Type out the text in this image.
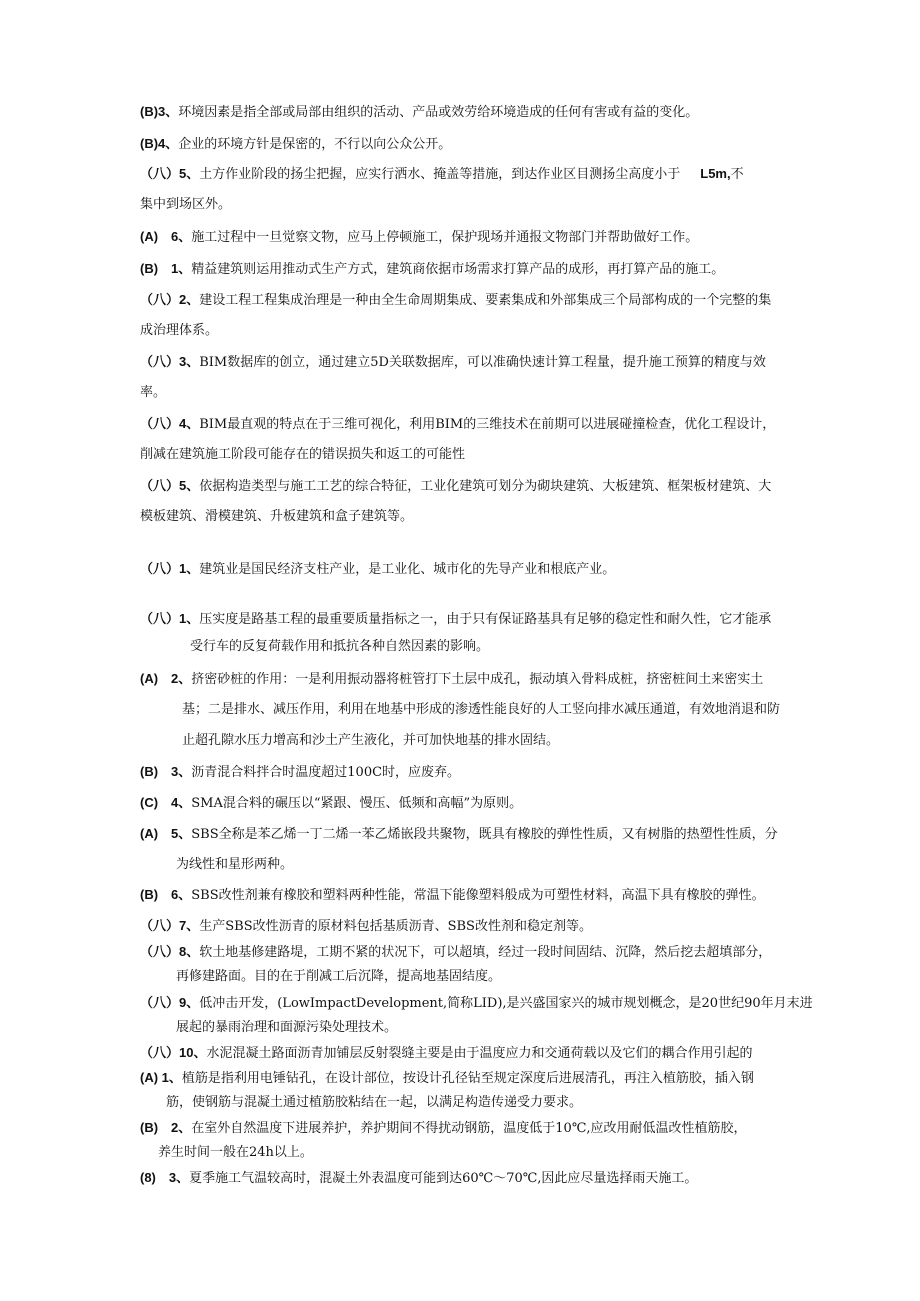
(B)3、环境因素是指全部或局部由组织的活动、产品或效劳给环境造成的任何有害或有益的变化。
(B)4、企业的环境方针是保密的，不行以向公众公开。
（八）5、土方作业阶段的扬尘把握，应实行洒水、掩盖等措施，到达作业区目测扬尘高度小于 L5m,不
集中到场区外。
(A)　6、施工过程中一旦觉察文物，应马上停顿施工，保护现场并通报文物部门并帮助做好工作。
(B)　1、精益建筑则运用推动式生产方式，建筑商依据市场需求打算产品的成形，再打算产品的施工。
（八）2、建设工程工程集成治理是一种由全生命周期集成、要素集成和外部集成三个局部构成的一个完整的集
成治理体系。
（八）3、BIM数据库的创立，通过建立5D关联数据库，可以准确快速计算工程量，提升施工预算的精度与效
率。
（八）4、BIM最直观的特点在于三维可视化，利用BIM的三维技术在前期可以进展碰撞检查，优化工程设计，
削减在建筑施工阶段可能存在的错误损失和返工的可能性
（八）5、依据构造类型与施工工艺的综合特征，工业化建筑可划分为砌块建筑、大板建筑、框架板材建筑、大
模板建筑、滑模建筑、升板建筑和盒子建筑等。
（八）1、建筑业是国民经济支柱产业，是工业化、城市化的先导产业和根底产业。
（八）1、压实度是路基工程的最重要质量指标之一，由于只有保证路基具有足够的稳定性和耐久性，它才能承
受行车的反复荷载作用和抵抗各种自然因素的影响。
(A)　2、挤密砂桩的作用：一是利用振动器将桩管打下土层中成孔，振动填入骨料成桩，挤密桩间土来密实土
基；二是排水、减压作用，利用在地基中形成的渗透性能良好的人工竖向排水减压通道，有效地消退和防
止超孔隙水压力增高和沙土产生液化，并可加快地基的排水固结。
(B)　3、沥青混合料拌合时温度超过100C时，应废弃。
(C)　4、SMA混合料的碾压以“紧跟、慢压、低频和高幅”为原则。
(A)　5、SBS全称是苯乙烯一丁二烯一苯乙烯嵌段共聚物，既具有橡胶的弹性性质，又有树脂的热塑性性质，分
为线性和星形两种。
(B)　6、SBS改性剂兼有橡胶和塑料两种性能，常温下能像塑料般成为可塑性材料，高温下具有橡胶的弹性。
（八）7、生产SBS改性沥青的原材料包括基质沥青、SBS改性剂和稳定剂等。
（八）8、软土地基修建路堤，工期不紧的状况下，可以超填，经过一段时间固结、沉降，然后挖去超填部分，
再修建路面。目的在于削减工后沉降，提高地基固结度。
（八）9、低冲击开发，(LowImpactDevelopment,简称LID),是兴盛国家兴的城市规划概念，是20世纪90年月末进
展起的暴雨治理和面源污染处理技术。
（八）10、水泥混凝土路面沥青加铺层反射裂缝主要是由于温度应力和交通荷载以及它们的耦合作用引起的
(A) 1、植筋是指利用电锤钻孔，在设计部位，按设计孔径钻至规定深度后进展清孔，再注入植筋胶，插入钢
筋，使钢筋与混凝土通过植筋胶粘结在一起，以满足构造传递受力要求。
(B)　2、在室外自然温度下进展养护，养护期间不得扰动钢筋，温度低于10℃,应改用耐低温改性植筋胶，
养生时间一般在24h以上。
(8)　3、夏季施工气温较高时，混凝土外表温度可能到达60℃〜70℃,因此应尽量选择雨天施工。
